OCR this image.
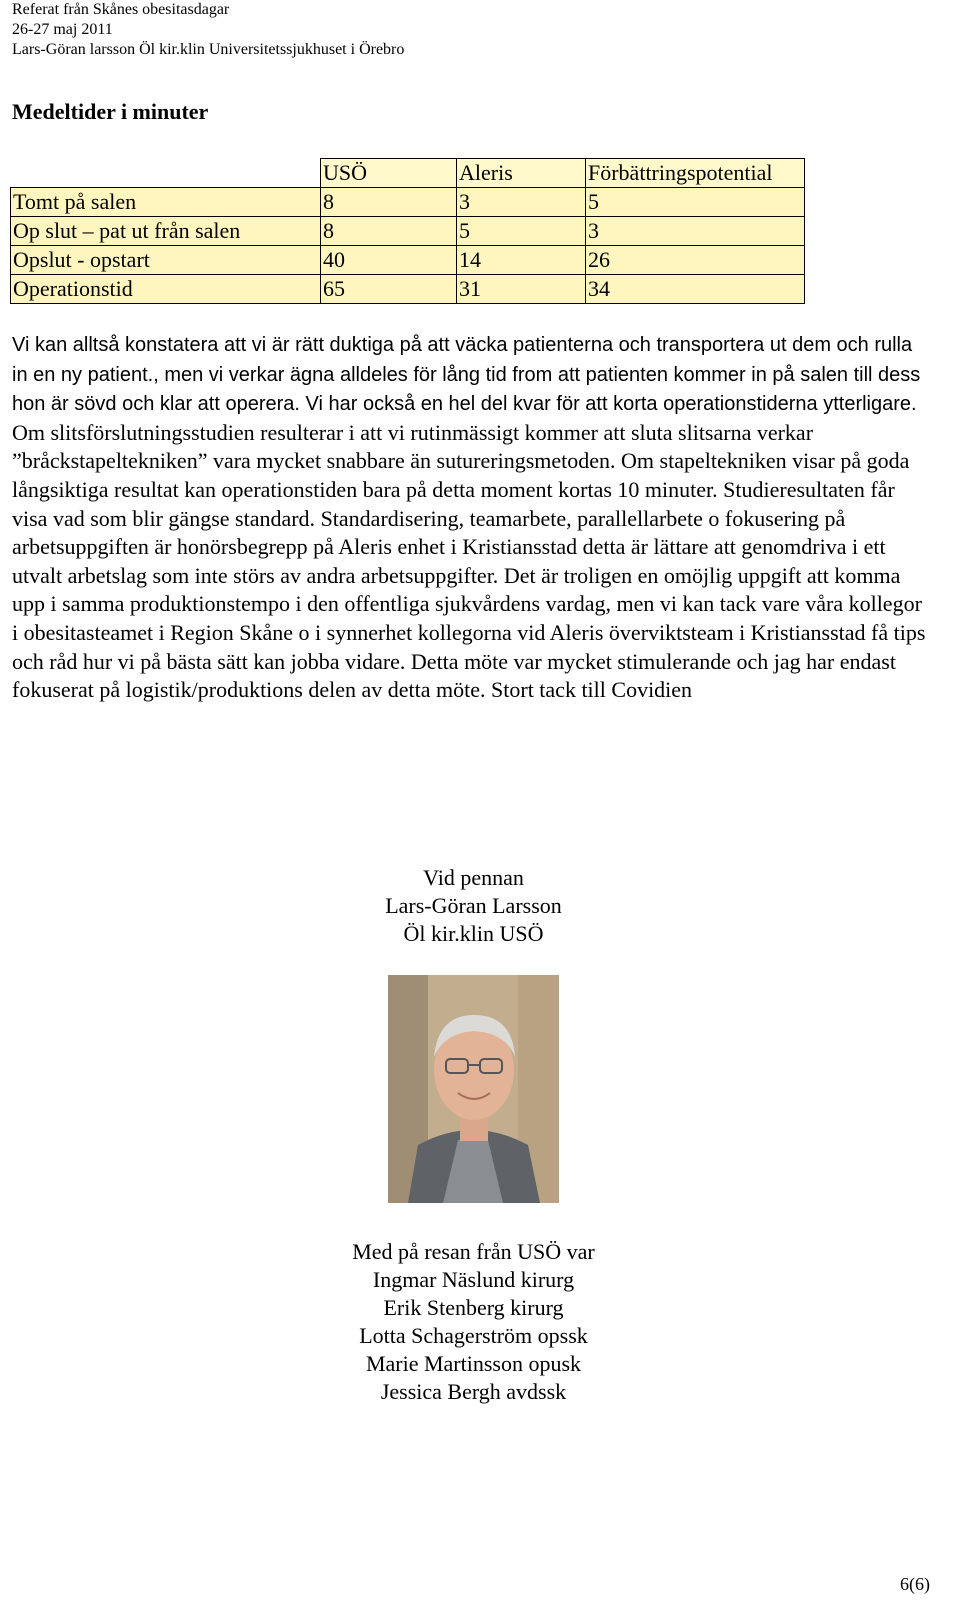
Referat från Skånes obesitasdagar
26-27 maj 2011
Lars-Göran larsson Öl kir.klin Universitetssjukhuset i Örebro
Medeltider i minuter
	USÖ	Aleris	Förbättringspotential
Tomt på salen	8	3	5
Op slut – pat ut från salen	8	5	3
Opslut - opstart	40	14	26
Operationstid	65	31	34
Vi kan alltså konstatera att vi är rätt duktiga på att väcka patienterna och transportera ut dem och rulla in en ny patient., men vi verkar ägna alldeles för lång tid from att patienten kommer in på salen till dess hon är sövd och klar att operera. Vi har också en hel del kvar för att korta operationstiderna ytterligare. Om slitsförslutningsstudien resulterar i att vi rutinmässigt kommer att sluta slitsarna verkar ”bråckstapeltekniken” vara mycket snabbare än sutureringsmetoden. Om stapeltekniken visar på goda långsiktiga resultat kan operationstiden bara på detta moment kortas 10 minuter. Studieresultaten får visa vad som blir gängse standard. Standardisering, teamarbete, parallellarbete o fokusering på arbetsuppgiften är honörsbegrepp på Aleris enhet i Kristiansstad detta är lättare att genomdriva i ett utvalt arbetslag som inte störs av andra arbetsuppgifter. Det är troligen en omöjlig uppgift att komma upp i samma produktionstempo i den offentliga sjukvårdens vardag, men vi kan tack vare våra kollegor i obesitasteamet i Region Skåne o i synnerhet kollegorna vid Aleris överviktsteam i Kristiansstad få tips och råd hur vi på bästa sätt kan jobba vidare. Detta möte var mycket stimulerande och jag har endast fokuserat på logistik/produktions delen av detta möte. Stort tack till Covidien
Vid pennan
Lars-Göran Larsson
Öl kir.klin USÖ
Med på resan från USÖ var
Ingmar Näslund kirurg
Erik Stenberg kirurg
Lotta Schagerström opssk
Marie Martinsson opusk
Jessica Bergh avdssk
6(6)
